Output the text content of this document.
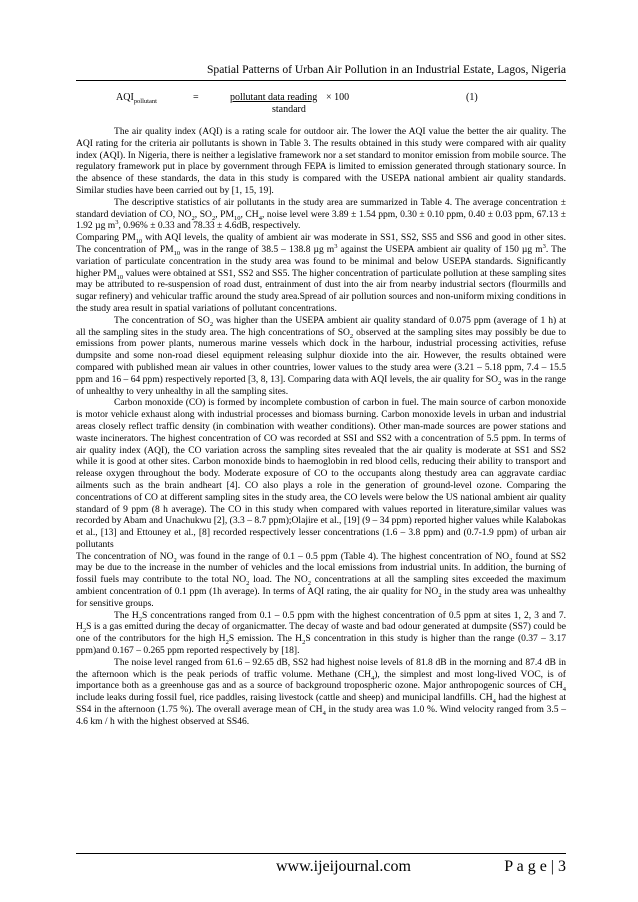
Spatial Patterns of Urban Air Pollution in an Industrial Estate, Lagos, Nigeria
$AQI_{pollutant}$	=	pollutant data reading × 100
standard
(1)

The air quality index (AQI) is a rating scale for outdoor air. The lower the AQI value the better the air quality. The AQI rating for the criteria air pollutants is shown in Table 3. The results obtained in this study were compared with air quality index (AQI). In Nigeria, there is neither a legislative framework nor a set standard to monitor emission from mobile source. The regulatory framework put in place by government through FEPA is limited to emission generated through stationary source. In the absence of these standards, the data in this study is compared with the USEPA national ambient air quality standards. Similar studies have been carried out by [1, 15, 19].

The descriptive statistics of air pollutants in the study area are summarized in Table 4. The average concentration ± standard deviation of CO, $NO_2$, $SO_2$, $PM_{10}$, $CH_4$, noise level were 3.89 ± 1.54 ppm, 0.30 ± 0.10 ppm, 0.40 ± 0.03 ppm, 67.13 ± 1.92 µg $m^3$, 0.96% ± 0.33 and 78.33 ± 4.6dB, respectively.

Comparing $PM_{10}$ with AQI levels, the quality of ambient air was moderate in SS1, SS2, SS5 and SS6 and good in other sites. The concentration of $PM_{10}$ was in the range of 38.5 – 138.8 µg $m^3$ against the USEPA ambient air quality of 150 µg $m^3$. The variation of particulate concentration in the study area was found to be minimal and below USEPA standards. Significantly higher $PM_{10}$ values were obtained at SS1, SS2 and SS5. The higher concentration of particulate pollution at these sampling sites may be attributed to re-suspension of road dust, entrainment of dust into the air from nearby industrial sectors (flourmills and sugar refinery) and vehicular traffic around the study area.Spread of air pollution sources and non-uniform mixing conditions in the study area result in spatial variations of pollutant concentrations.

The concentration of $SO_2$ was higher than the USEPA ambient air quality standard of 0.075 ppm (average of 1 h) at all the sampling sites in the study area. The high concentrations of $SO_2$ observed at the sampling sites may possibly be due to emissions from power plants, numerous marine vessels which dock in the harbour, industrial processing activities, refuse dumpsite and some non-road diesel equipment releasing sulphur dioxide into the air. However, the results obtained were compared with published mean air values in other countries, lower values to the study area were (3.21 – 5.18 ppm, 7.4 – 15.5 ppm and 16 – 64 ppm) respectively reported [3, 8, 13]. Comparing data with AQI levels, the air quality for $SO_2$ was in the range of unhealthy to very unhealthy in all the sampling sites.

Carbon monoxide (CO) is formed by incomplete combustion of carbon in fuel. The main source of carbon monoxide is motor vehicle exhaust along with industrial processes and biomass burning. Carbon monoxide levels in urban and industrial areas closely reflect traffic density (in combination with weather conditions). Other man-made sources are power stations and waste incinerators. The highest concentration of CO was recorded at SSI and SS2 with a concentration of 5.5 ppm. In terms of air quality index (AQI), the CO variation across the sampling sites revealed that the air quality is moderate at SS1 and SS2 while it is good at other sites. Carbon monoxide binds to haemoglobin in red blood cells, reducing their ability to transport and release oxygen throughout the body. Moderate exposure of CO to the occupants along thestudy area can aggravate cardiac ailments such as the brain andheart [4]. CO also plays a role in the generation of ground-level ozone. Comparing the concentrations of CO at different sampling sites in the study area, the CO levels were below the US national ambient air quality standard of 9 ppm (8 h average). The CO in this study when compared with values reported in literature,similar values was recorded by Abam and Unachukwu [2], (3.3 – 8.7 ppm);Olajire et al., [19] (9 – 34 ppm) reported higher values while Kalabokas et al., [13] and Ettouney et al., [8] recorded respectively lesser concentrations (1.6 – 3.8 ppm) and (0.7-1.9 ppm) of urban air pollutants

The concentration of $NO_2$ was found in the range of 0.1 – 0.5 ppm (Table 4). The highest concentration of $NO_2$ found at SS2 may be due to the increase in the number of vehicles and the local emissions from industrial units. In addition, the burning of fossil fuels may contribute to the total $NO_2$ load. The $NO_2$ concentrations at all the sampling sites exceeded the maximum ambient concentration of 0.1 ppm (1h average). In terms of AQI rating, the air quality for $NO_2$ in the study area was unhealthy for sensitive groups.

The $H_2S$ concentrations ranged from 0.1 – 0.5 ppm with the highest concentration of 0.5 ppm at sites 1, 2, 3 and 7. $H_2S$ is a gas emitted during the decay of organicmatter. The decay of waste and bad odour generated at dumpsite (SS7) could be one of the contributors for the high $H_2S$ emission. The $H_2S$ concentration in this study is higher than the range (0.37 – 3.17 ppm)and 0.167 – 0.265 ppm reported respectively by [18].

The noise level ranged from 61.6 – 92.65 dB, SS2 had highest noise levels of 81.8 dB in the morning and 87.4 dB in the afternoon which is the peak periods of traffic volume. Methane $(CH_4)$, the simplest and most long-lived VOC, is of importance both as a greenhouse gas and as a source of background tropospheric ozone. Major anthropogenic sources of $CH_4$ include leaks during fossil fuel, rice paddles, raising livestock (cattle and sheep) and municipal landfills. $CH_4$ had the highest at SS4 in the afternoon (1.75 %). The overall average mean of $CH_4$ in the study area was 1.0 %. Wind velocity ranged from 3.5 – 4.6 km / h with the highest observed at SS46.

www.ijeijournal.com	P a g e | 3
